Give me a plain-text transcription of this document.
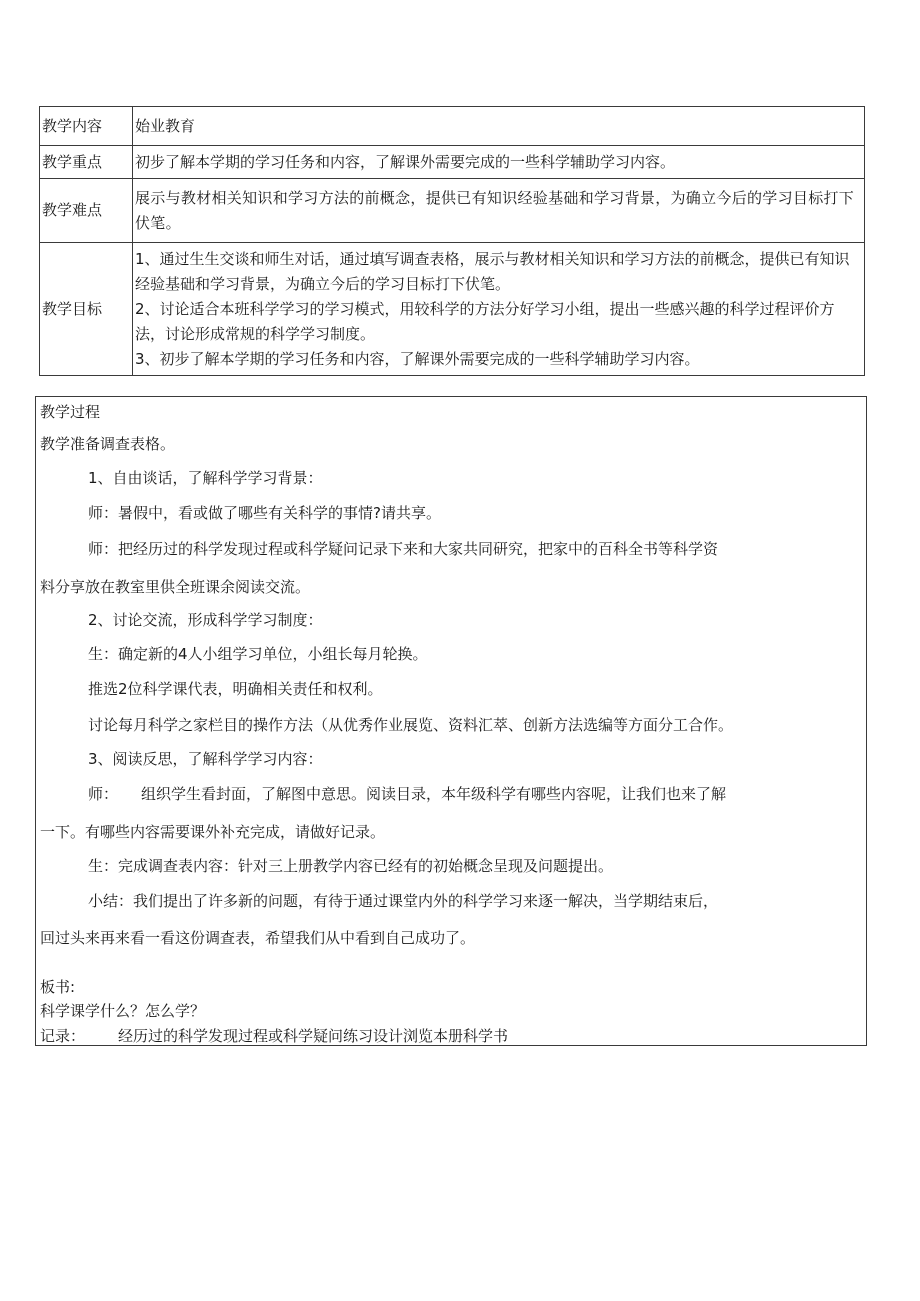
教学内容	始业教育
教学重点	初步了解本学期的学习任务和内容，了解课外需要完成的一些科学辅助学习内容。
教学难点	展示与教材相关知识和学习方法的前概念，提供已有知识经验基础和学习背景，为确立今后的学习目标打下伏笔。
教学目标	1、通过生生交谈和师生对话，通过填写调查表格，展示与教材相关知识和学习方法的前概念，提供已有知识经验基础和学习背景，为确立今后的学习目标打下伏笔。
2、讨论适合本班科学学习的学习模式，用较科学的方法分好学习小组，提出一些感兴趣的科学过程评价方法，讨论形成常规的科学学习制度。
3、初步了解本学期的学习任务和内容，了解课外需要完成的一些科学辅助学习内容。
教学过程
教学准备调查表格。
1、自由谈话，了解科学学习背景：
师：暑假中，看或做了哪些有关科学的事情?请共享。
师：把经历过的科学发现过程或科学疑问记录下来和大家共同研究，把家中的百科全书等科学资
料分享放在教室里供全班课余阅读交流。
2、讨论交流，形成科学学习制度：
生：确定新的4人小组学习单位，小组长每月轮换。
推选2位科学课代表，明确相关责任和权利。
讨论每月科学之家栏目的操作方法（从优秀作业展览、资料汇萃、创新方法选编等方面分工合作。
3、阅读反思，了解科学学习内容：
师： 组织学生看封面，了解图中意思。阅读目录，本年级科学有哪些内容呢，让我们也来了解
一下。有哪些内容需要课外补充完成，请做好记录。
生：完成调查表内容：针对三上册教学内容已经有的初始概念呈现及问题提出。
小结：我们提出了许多新的问题，有待于通过课堂内外的科学学习来逐一解决，当学期结束后，
回过头来再来看一看这份调查表，希望我们从中看到自己成功了。
板书:
科学课学什么？怎么学？
记录： 经历过的科学发现过程或科学疑问练习设计浏览本册科学书
